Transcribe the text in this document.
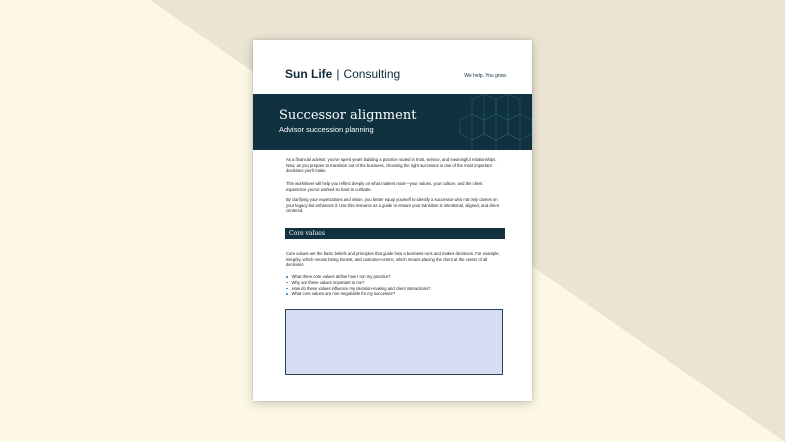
Sun Life | Consulting	We help. You grow.
Successor alignment
Advisor succession planning

As a financial advisor, you've spent years building a practice rooted in trust, service, and meaningful relationships. Now, as you prepare to transition out of the business, choosing the right successor is one of the most important decisions you'll make.

This worksheet will help you reflect deeply on what matters most—your values, your culture, and the client experience you've worked so hard to cultivate.

By clarifying your expectations and vision, you better equip yourself to identify a successor who not only carries on your legacy but enhances it. Use this resource as a guide to ensure your transition is intentional, aligned, and client centered.

Core values

Core values are the basic beliefs and principles that guide how a business runs and makes decisions. For example, integrity, which means being honest, and customer-centric, which means placing the client at the center of all decisions.

What three core values define how I run my practice?
Why are these values important to me?
How do these values influence my decision-making and client interactions?
What core values are non-negotiable for my successor?
